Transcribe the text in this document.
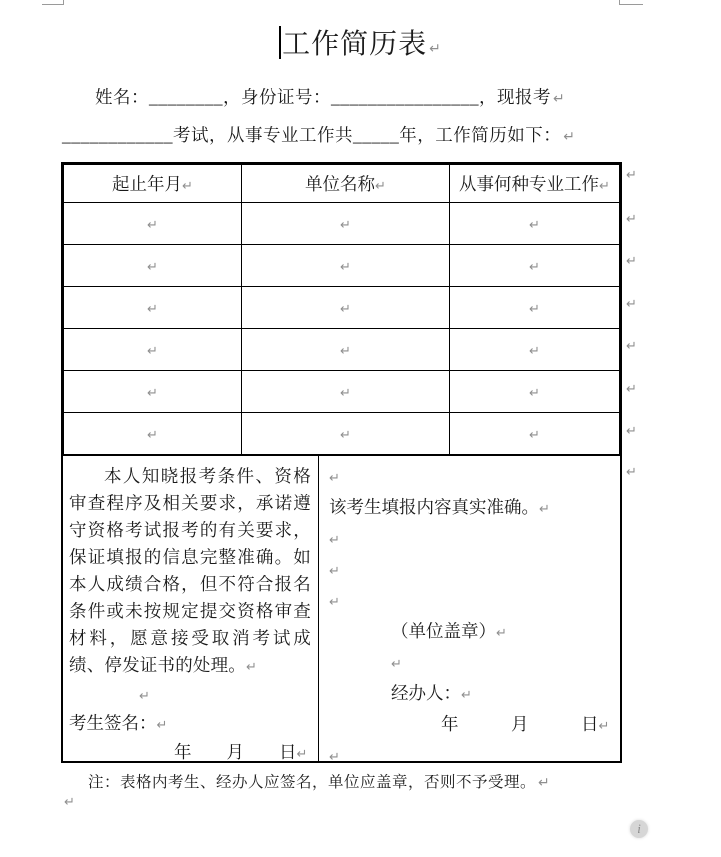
工作简历表 ↵

姓名：________，身份证号：________________，现报考 ↵

____________考试，从事专业工作共_____年，工作简历如下： ↵

起止年月↵	单位名称↵	从事何种专业工作↵
↵	↵	↵
↵	↵	↵
↵	↵	↵
↵	↵	↵
↵	↵	↵
↵	↵	↵

本人知晓报考条件、资格审查程序及相关要求，承诺遵守资格考试报考的有关要求，保证填报的信息完整准确。如本人成绩合格，但不符合报名条件或未按规定提交资格审查材料，愿意接受取消考试成绩、停发证书的处理。↵

↵

考生签名：↵

年　　月　　日↵

↵

该考生填报内容真实准确。↵

↵

↵

↵

（单位盖章）↵

↵

经办人：↵

年　　　月　　　日↵

↵

注：表格内考生、经办人应签名，单位应盖章，否则不予受理。 ↵

↵
i
↵
↵
↵
↵
↵
↵
↵
↵
